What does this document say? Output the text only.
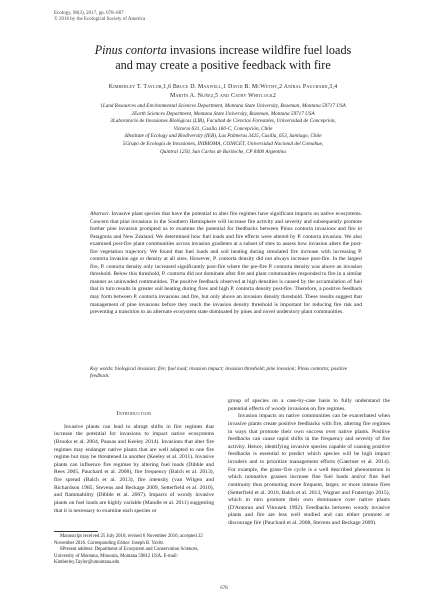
Ecology, 98(3), 2017, pp. 678–687
© 2016 by the Ecological Society of America
Pinus contorta invasions increase wildfire fuel loads
and may create a positive feedback with fire
Kimberley T. Taylor,1,6 Bruce D. Maxwell,1 David B. McWethy,2 Aníbal Pauchard,3,4
Martín A. Nuñez,5 and Cathy Whitlock2
1Land Resources and Environmental Sciences Department, Montana State University, Bozeman, Montana 59717 USA
2Earth Sciences Department, Montana State University, Bozeman, Montana 59717 USA
3Laboratorio de Invasiones Biológicas (LIB), Facultad de Ciencias Forestales, Universidad de Concepción,
Victoria 631, Casilla 160-C, Concepción, Chile
4Institute of Ecology and Biodiversity (IEB), Las Palmeras 3425, Casilla, 653, Santiago, Chile
5Grupo de Ecología de Invasiones, INIBIOMA, CONICET, Universidad Nacional del Comahue,
Quintral 1250, San Carlos de Bariloche, CP 8400 Argentina
Abstract. Invasive plant species that have the potential to alter fire regimes have significant impacts on native ecosystems. Concern that pine invasions in the Southern Hemisphere will increase fire activity and severity and subsequently promote further pine invasion prompted us to examine the potential for feedbacks between Pinus contorta invasions and fire in Patagonia and New Zealand. We determined how fuel loads and fire effects were altered by P. contorta invasion. We also examined post-fire plant communities across invasion gradients at a subset of sites to assess how invasion alters the post-fire vegetation trajectory. We found that fuel loads and soil heating during simulated fire increase with increasing P. contorta invasion age or density at all sites. However, P. contorta density did not always increase post-fire. In the largest fire, P. contorta density only increased significantly post-fire where the pre-fire P. contorta density was above an invasion threshold. Below this threshold, P. contorta did not dominate after fire and plant communities responded to fire in a similar manner as uninvaded communities. The positive feedback observed at high densities is caused by the accumulation of fuel that in turn results in greater soil heating during fires and high P. contorta density post-fire. Therefore, a positive feedback may form between P. contorta invasions and fire, but only above an invasion density threshold. These results suggest that management of pine invasions before they reach the invasion density threshold is important for reducing fire risk and preventing a transition to an alternate ecosystem state dominated by pines and novel understory plant communities.
Key words: biological invasion; fire; fuel load; invasion impact; invasion threshold; pine invasion; Pinus contorta; positive feedback.
Introduction
Invasive plants can lead to abrupt shifts in fire regimes that increase the potential for invasions to impact native ecosystems (Brooks et al. 2004, Pausas and Keeley 2014). Invasions that alter fire regimes may endanger native plants that are well adapted to one fire regime but may be threatened in another (Keeley et al. 2011). Invasive plants can influence fire regimes by altering fuel loads (Dibble and Rees 2005, Pauchard et al. 2008), fire frequency (Balch et al. 2013), fire spread (Balch et al. 2013), fire intensity (van Wilgen and Richardson 1985, Stevens and Beckage 2009, Setterfield et al. 2010), and flammability (Dibble et al. 2007). Impacts of woody invasive plants on fuel loads are highly variable (Mandle et al. 2011) suggesting that it is necessary to examine each species or
Manuscript received 25 July 2016; revised 6 November 2016; accepted 22 November 2016. Corresponding Editor: Joseph B. Yavitt.
6Present address: Department of Ecosystem and Conservation Sciences, University of Montana, Missoula, Montana 59812 USA. E-mail: Kimberley.Taylor@umontana.edu
group of species on a case-by-case basis to fully understand the potential effects of woody invasions on fire regimes.
Invasion impacts on native communities can be exacerbated when invasive plants create positive feedbacks with fire, altering fire regimes in ways that promote their own success over native plants. Positive feedbacks can cause rapid shifts in the frequency and severity of fire activity. Hence, identifying invasive species capable of causing positive feedbacks is essential to predict which species will be high impact invaders and to prioritize management efforts (Gaertner et al. 2014). For example, the grass–fire cycle is a well described phenomenon in which nonnative grasses increase fine fuel loads and/or fine fuel continuity thus promoting more frequent, larger, or more intense fires (Setterfield et al. 2010, Balch et al. 2013, Wagner and Fraterrigo 2015), which in turn promote their own dominance over native plants (D'Antonio and Vitousek 1992). Feedbacks between woody invasive plants and fire are less well studied and can either promote or discourage fire (Pauchard et al. 2008, Stevens and Beckage 2009).
678
